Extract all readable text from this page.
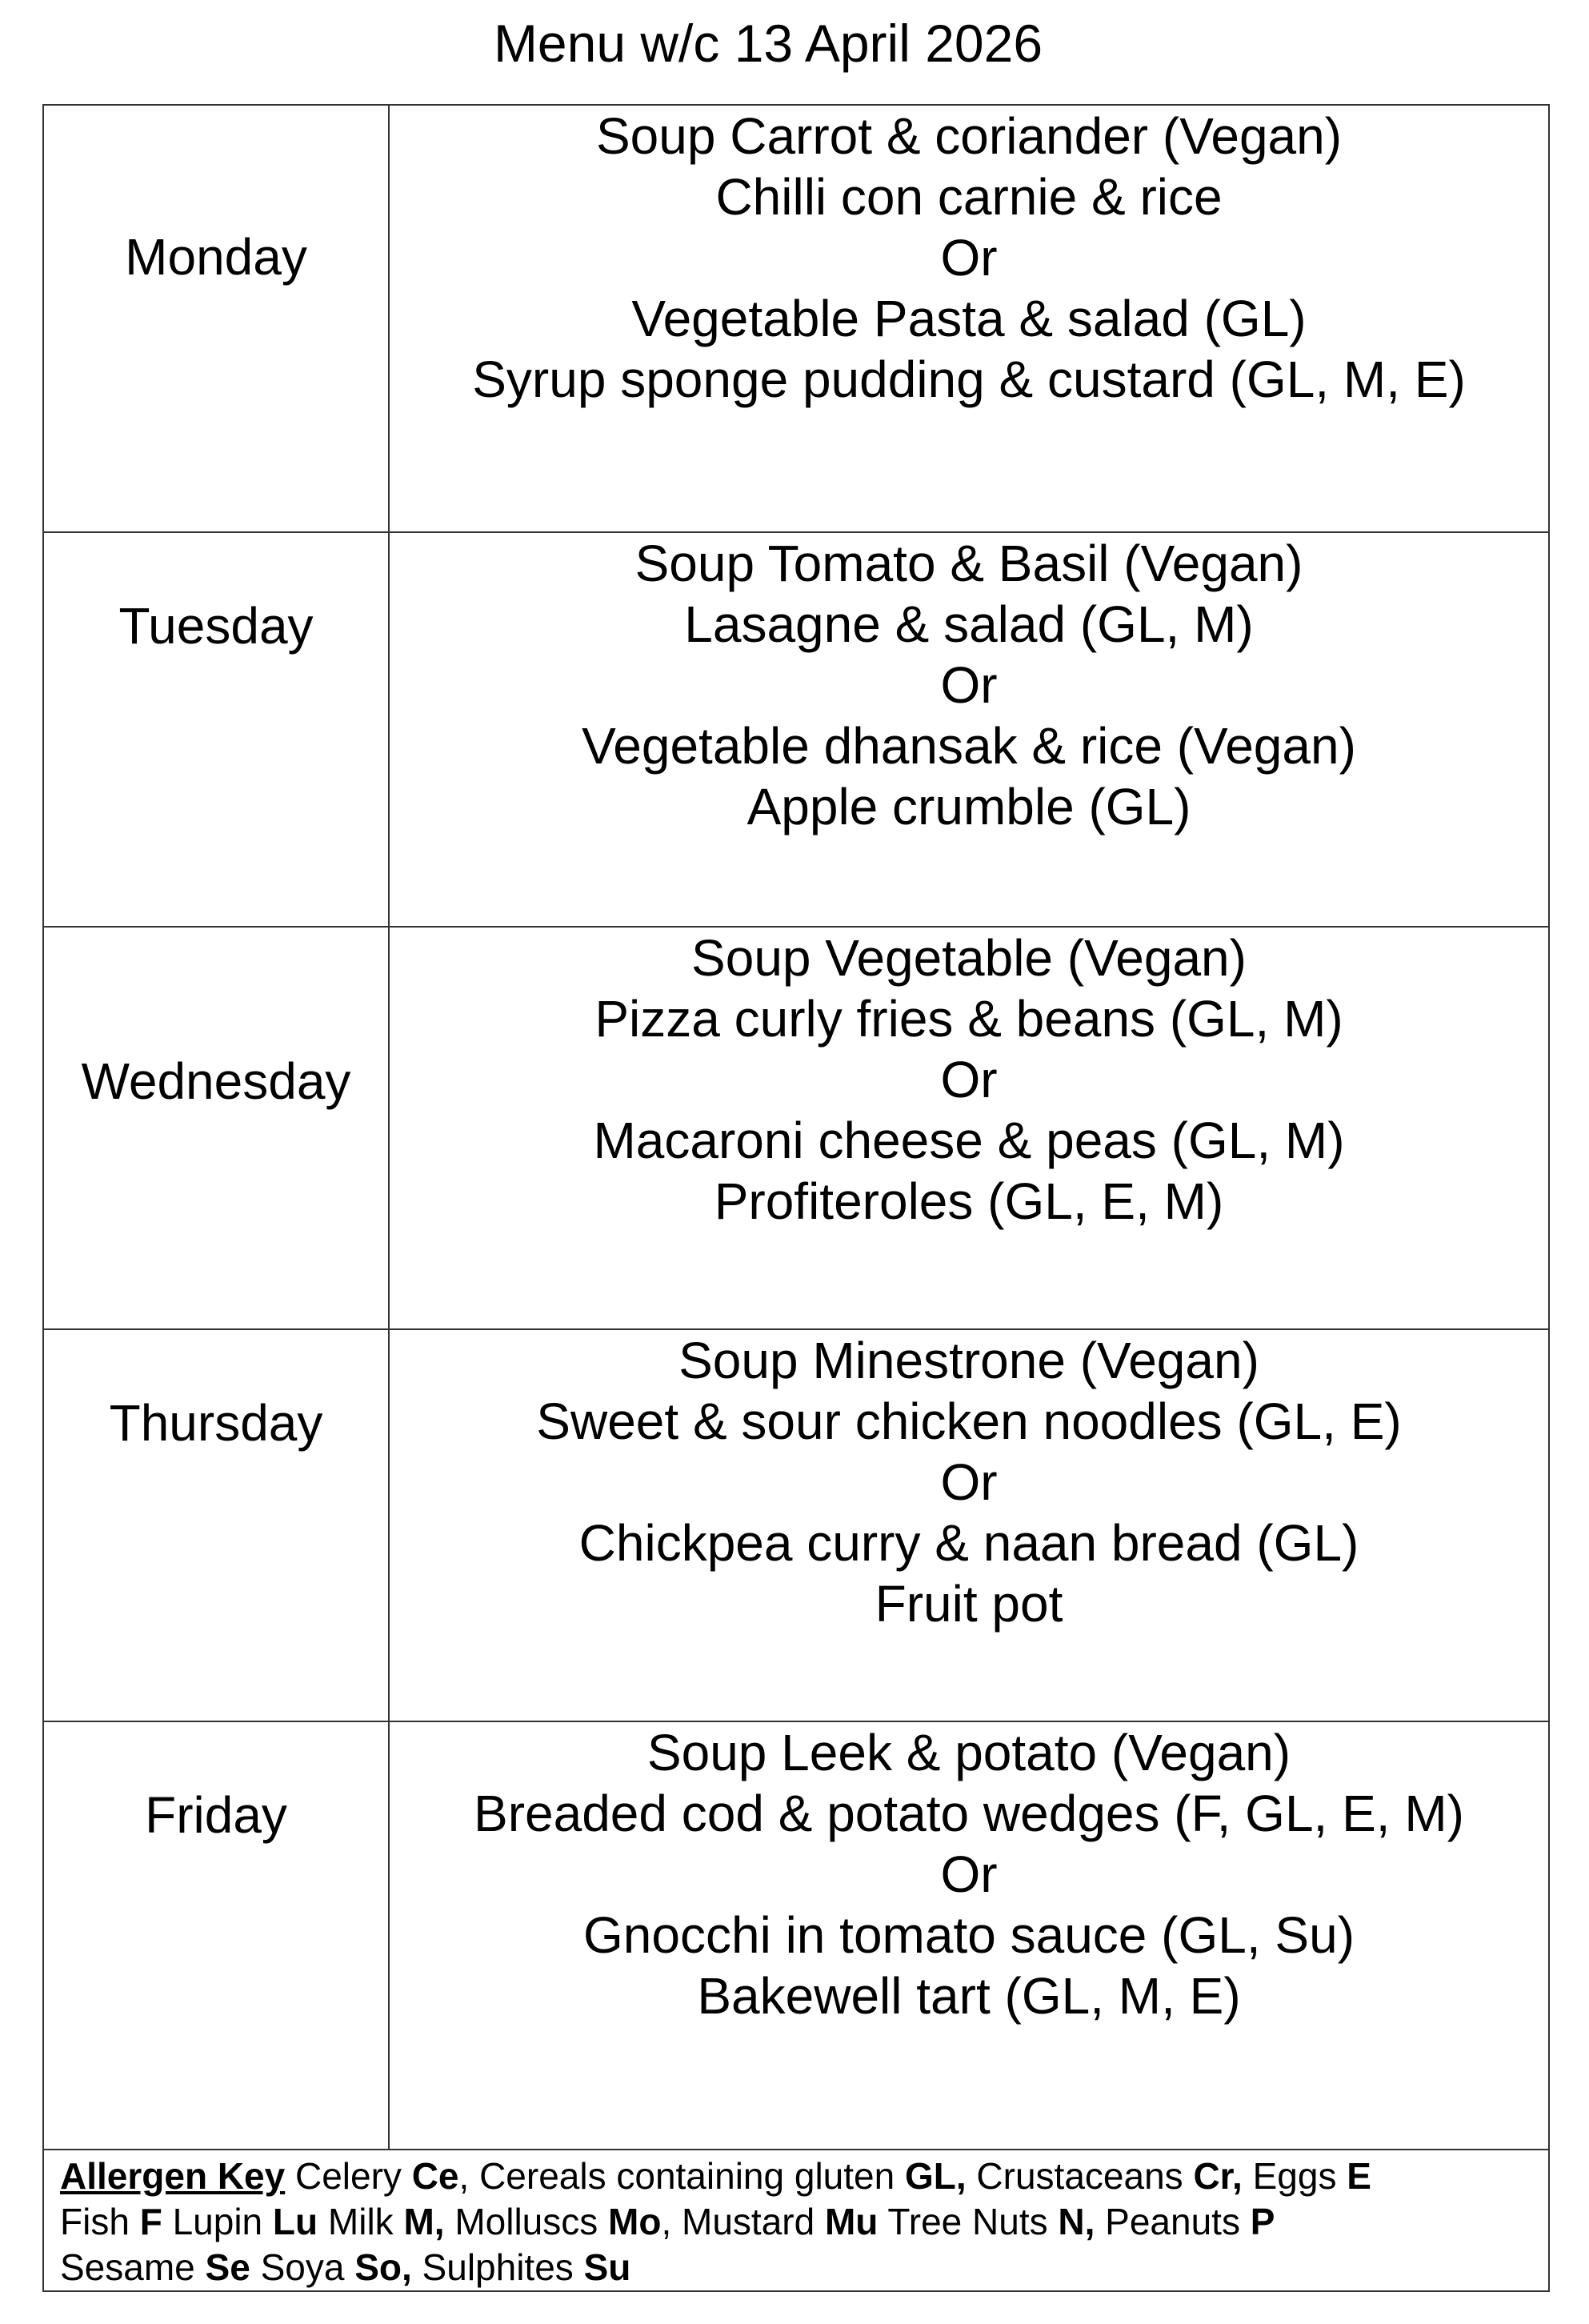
Menu w/c 13 April 2026
Monday	Soup Carrot & coriander (Vegan)
Chilli con carnie & rice
Or
Vegetable Pasta & salad (GL)
Syrup sponge pudding & custard (GL, M, E)

Tuesday	Soup Tomato & Basil (Vegan)
Lasagne & salad (GL, M)
Or
Vegetable dhansak & rice (Vegan)
Apple crumble (GL)

Wednesday	Soup Vegetable (Vegan)
Pizza curly fries & beans (GL, M)
Or
Macaroni cheese & peas (GL, M)
Profiteroles (GL, E, M)

Thursday	Soup Minestrone (Vegan)
Sweet & sour chicken noodles (GL, E)
Or
Chickpea curry & naan bread (GL)
Fruit pot

Friday	Soup Leek & potato (Vegan)
Breaded cod & potato wedges (F, GL, E, M)
Or
Gnocchi in tomato sauce (GL, Su)
Bakewell tart (GL, M, E)

Allergen Key Celery Ce, Cereals containing gluten GL, Crustaceans Cr, Eggs E
Fish F Lupin Lu Milk M, Molluscs Mo, Mustard Mu Tree Nuts N, Peanuts P
Sesame Se Soya So, Sulphites Su	
